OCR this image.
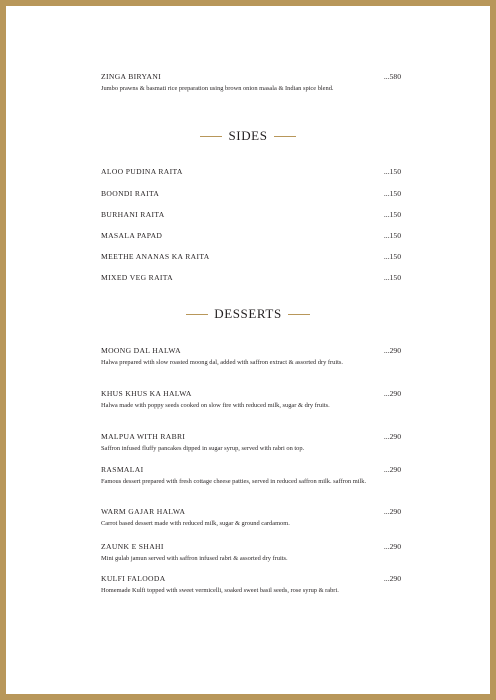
ZINGA BIRYANI	...580
Jumbo prawns & basmati rice preparation using brown onion masala & Indian spice blend.
SIDES
ALOO PUDINA RAITA	...150
BOONDI RAITA	...150
BURHANI RAITA	...150
MASALA PAPAD	...150
MEETHE ANANAS KA RAITA	...150
MIXED VEG RAITA	...150
DESSERTS
MOONG DAL HALWA	...290
Halwa prepared with slow roasted moong dal, added with saffron extract & assorted dry fruits.
KHUS KHUS KA HALWA	...290
Halwa made with poppy seeds cooked on slow fire with reduced milk, sugar & dry fruits.
MALPUA WITH RABRI	...290
Saffron infused fluffy pancakes dipped in sugar syrup, served with rabri on top.
RASMALAI	...290
Famous dessert prepared with fresh cottage cheese patties, served in reduced saffron milk. saffron milk.
WARM GAJAR HALWA	...290
Carrot based dessert made with reduced milk, sugar & ground cardamom.
ZAUNK E SHAHI	...290
Mini gulab jamun served with saffron infused rabri & assorted dry fruits.
KULFI FALOODA	...290
Homemade Kulfi topped with sweet vermicelli, soaked sweet basil seeds, rose syrup & rabri.
